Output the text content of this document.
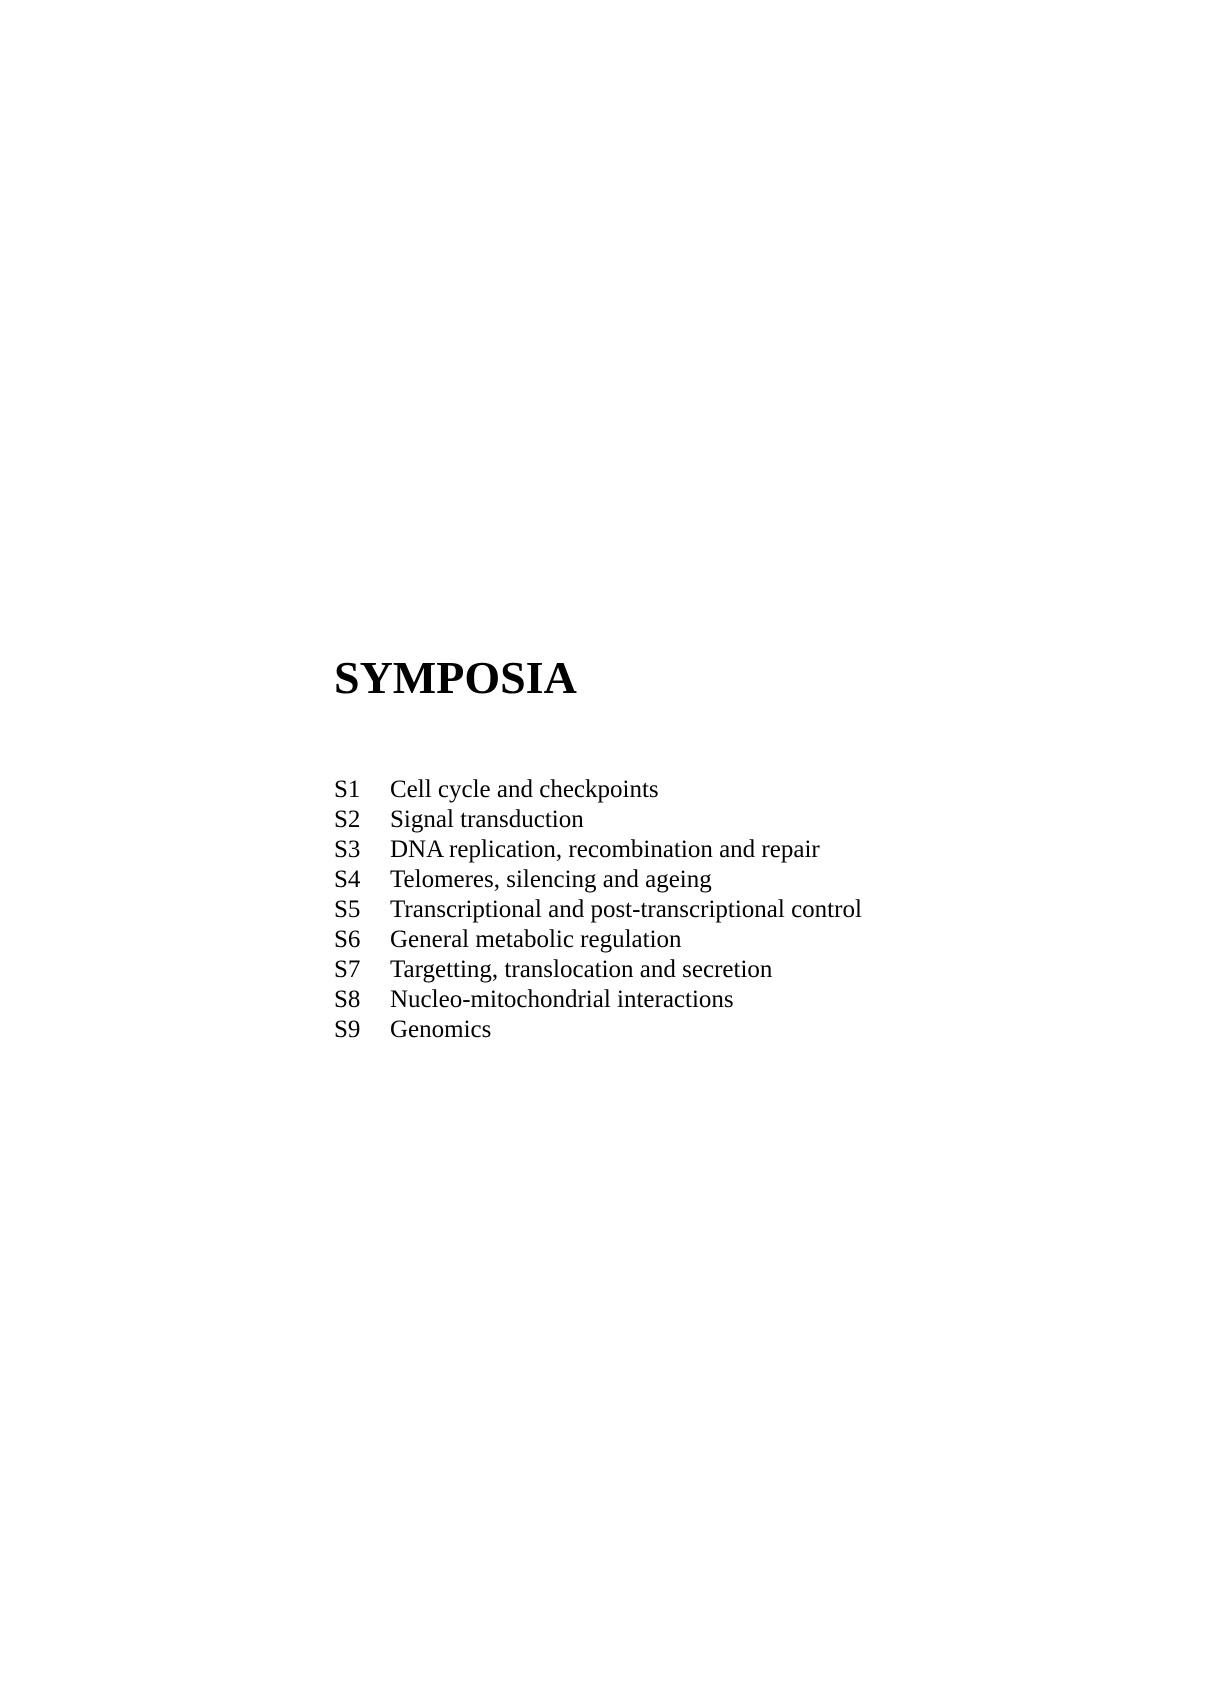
SYMPOSIA
S1	Cell cycle and checkpoints
S2	Signal transduction
S3	DNA replication, recombination and repair
S4	Telomeres, silencing and ageing
S5	Transcriptional and post-transcriptional control
S6	General metabolic regulation
S7	Targetting, translocation and secretion
S8	Nucleo-mitochondrial interactions
S9	Genomics
